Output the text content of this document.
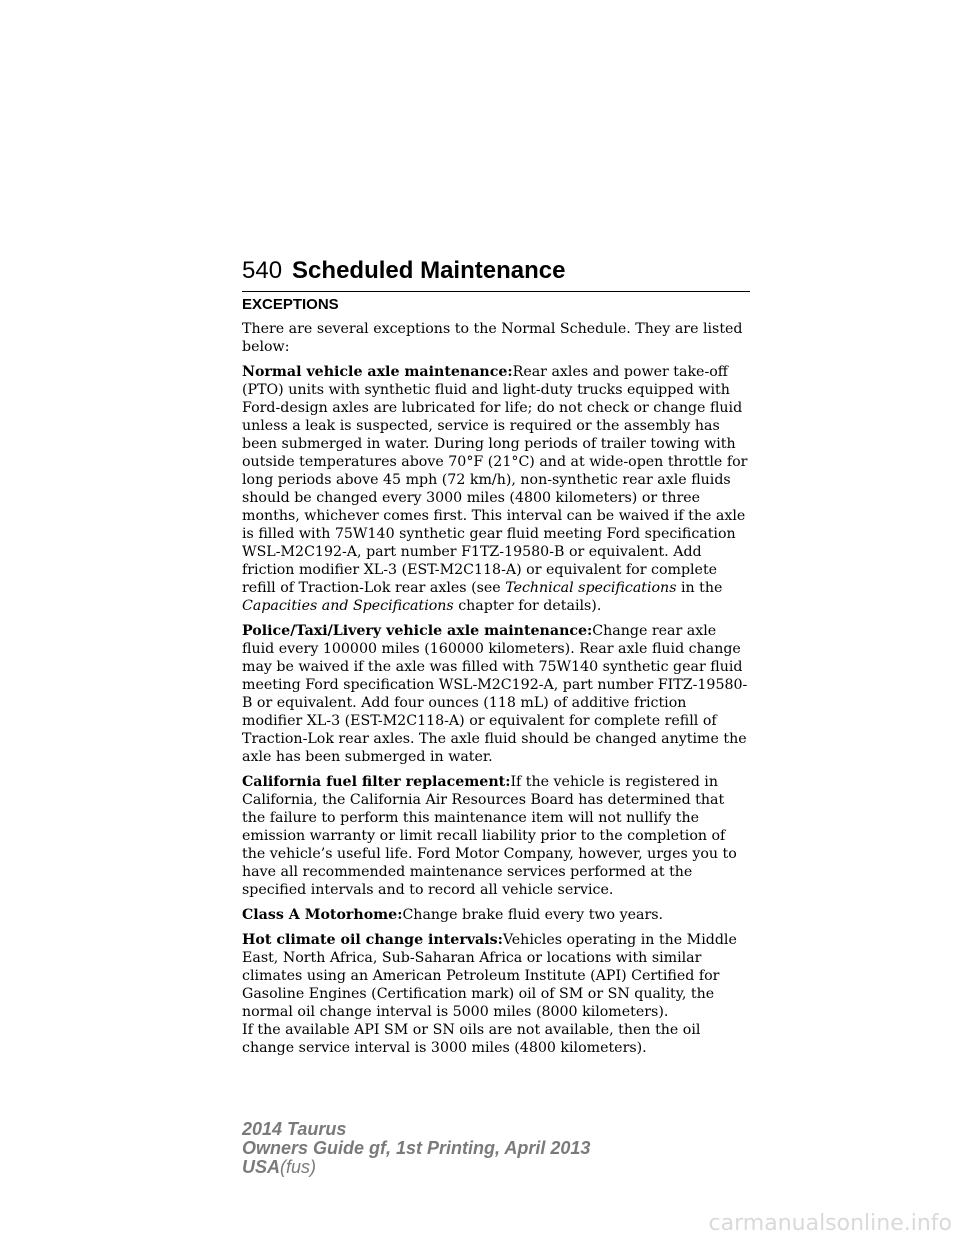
540 Scheduled Maintenance
EXCEPTIONS

There are several exceptions to the Normal Schedule. They are listed below:

Normal vehicle axle maintenance:Rear axles and power take-off (PTO) units with synthetic fluid and light-duty trucks equipped with Ford-design axles are lubricated for life; do not check or change fluid unless a leak is suspected, service is required or the assembly has been submerged in water. During long periods of trailer towing with outside temperatures above 70°F (21°C) and at wide-open throttle for long periods above 45 mph (72 km/h), non-synthetic rear axle fluids should be changed every 3000 miles (4800 kilometers) or three months, whichever comes first. This interval can be waived if the axle is filled with 75W140 synthetic gear fluid meeting Ford specification WSL-M2C192-A, part number F1TZ-19580-B or equivalent. Add friction modifier XL-3 (EST-M2C118-A) or equivalent for complete refill of Traction-Lok rear axles (see Technical specifications in the Capacities and Specifications chapter for details).

Police/Taxi/Livery vehicle axle maintenance:Change rear axle fluid every 100000 miles (160000 kilometers). Rear axle fluid change may be waived if the axle was filled with 75W140 synthetic gear fluid meeting Ford specification WSL-M2C192-A, part number FITZ-19580-B or equivalent. Add four ounces (118 mL) of additive friction modifier XL-3 (EST-M2C118-A) or equivalent for complete refill of Traction-Lok rear axles. The axle fluid should be changed anytime the axle has been submerged in water.

California fuel filter replacement:If the vehicle is registered in California, the California Air Resources Board has determined that the failure to perform this maintenance item will not nullify the emission warranty or limit recall liability prior to the completion of the vehicle’s useful life. Ford Motor Company, however, urges you to have all recommended maintenance services performed at the specified intervals and to record all vehicle service.

Class A Motorhome:Change brake fluid every two years.

Hot climate oil change intervals:Vehicles operating in the Middle East, North Africa, Sub-Saharan Africa or locations with similar climates using an American Petroleum Institute (API) Certified for Gasoline Engines (Certification mark) oil of SM or SN quality, the normal oil change interval is 5000 miles (8000 kilometers).

If the available API SM or SN oils are not available, then the oil change service interval is 3000 miles (4800 kilometers).

2014 Taurus
Owners Guide gf, 1st Printing, April 2013
USA(fus)
carmanualsonline.info
